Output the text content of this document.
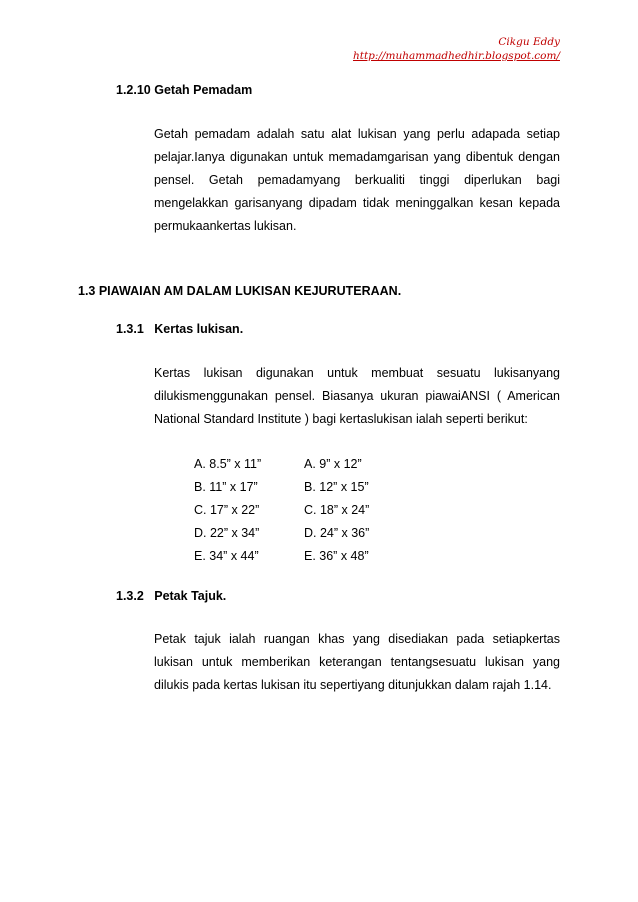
Cikgu Eddy
http://muhammadhedhir.blogspot.com/
1.2.10 Getah Pemadam
Getah pemadam adalah satu alat lukisan yang perlu adapada setiap pelajar.Ianya digunakan untuk memadamgarisan yang dibentuk dengan pensel. Getah pemadamyang berkualiti tinggi diperlukan bagi mengelakkan garisanyang dipadam tidak meninggalkan kesan kepada permukaankertas lukisan.
1.3 PIAWAIAN AM DALAM LUKISAN KEJURUTERAAN.
1.3.1 Kertas lukisan.
Kertas lukisan digunakan untuk membuat sesuatu lukisanyang dilukismenggunakan pensel. Biasanya ukuran piawaiANSI ( American National Standard Institute ) bagi kertaslukisan ialah seperti berikut:
A. 8.5” x 11”	A. 9” x 12”
B. 11” x 17”	B. 12” x 15”
C. 17” x 22”	C. 18” x 24”
D. 22” x 34”	D. 24” x 36”
E. 34” x 44”	E. 36” x 48”
1.3.2 Petak Tajuk.
Petak tajuk ialah ruangan khas yang disediakan pada setiapkertas lukisan untuk memberikan keterangan tentangsesuatu lukisan yang dilukis pada kertas lukisan itu sepertiyang ditunjukkan dalam rajah 1.14.
